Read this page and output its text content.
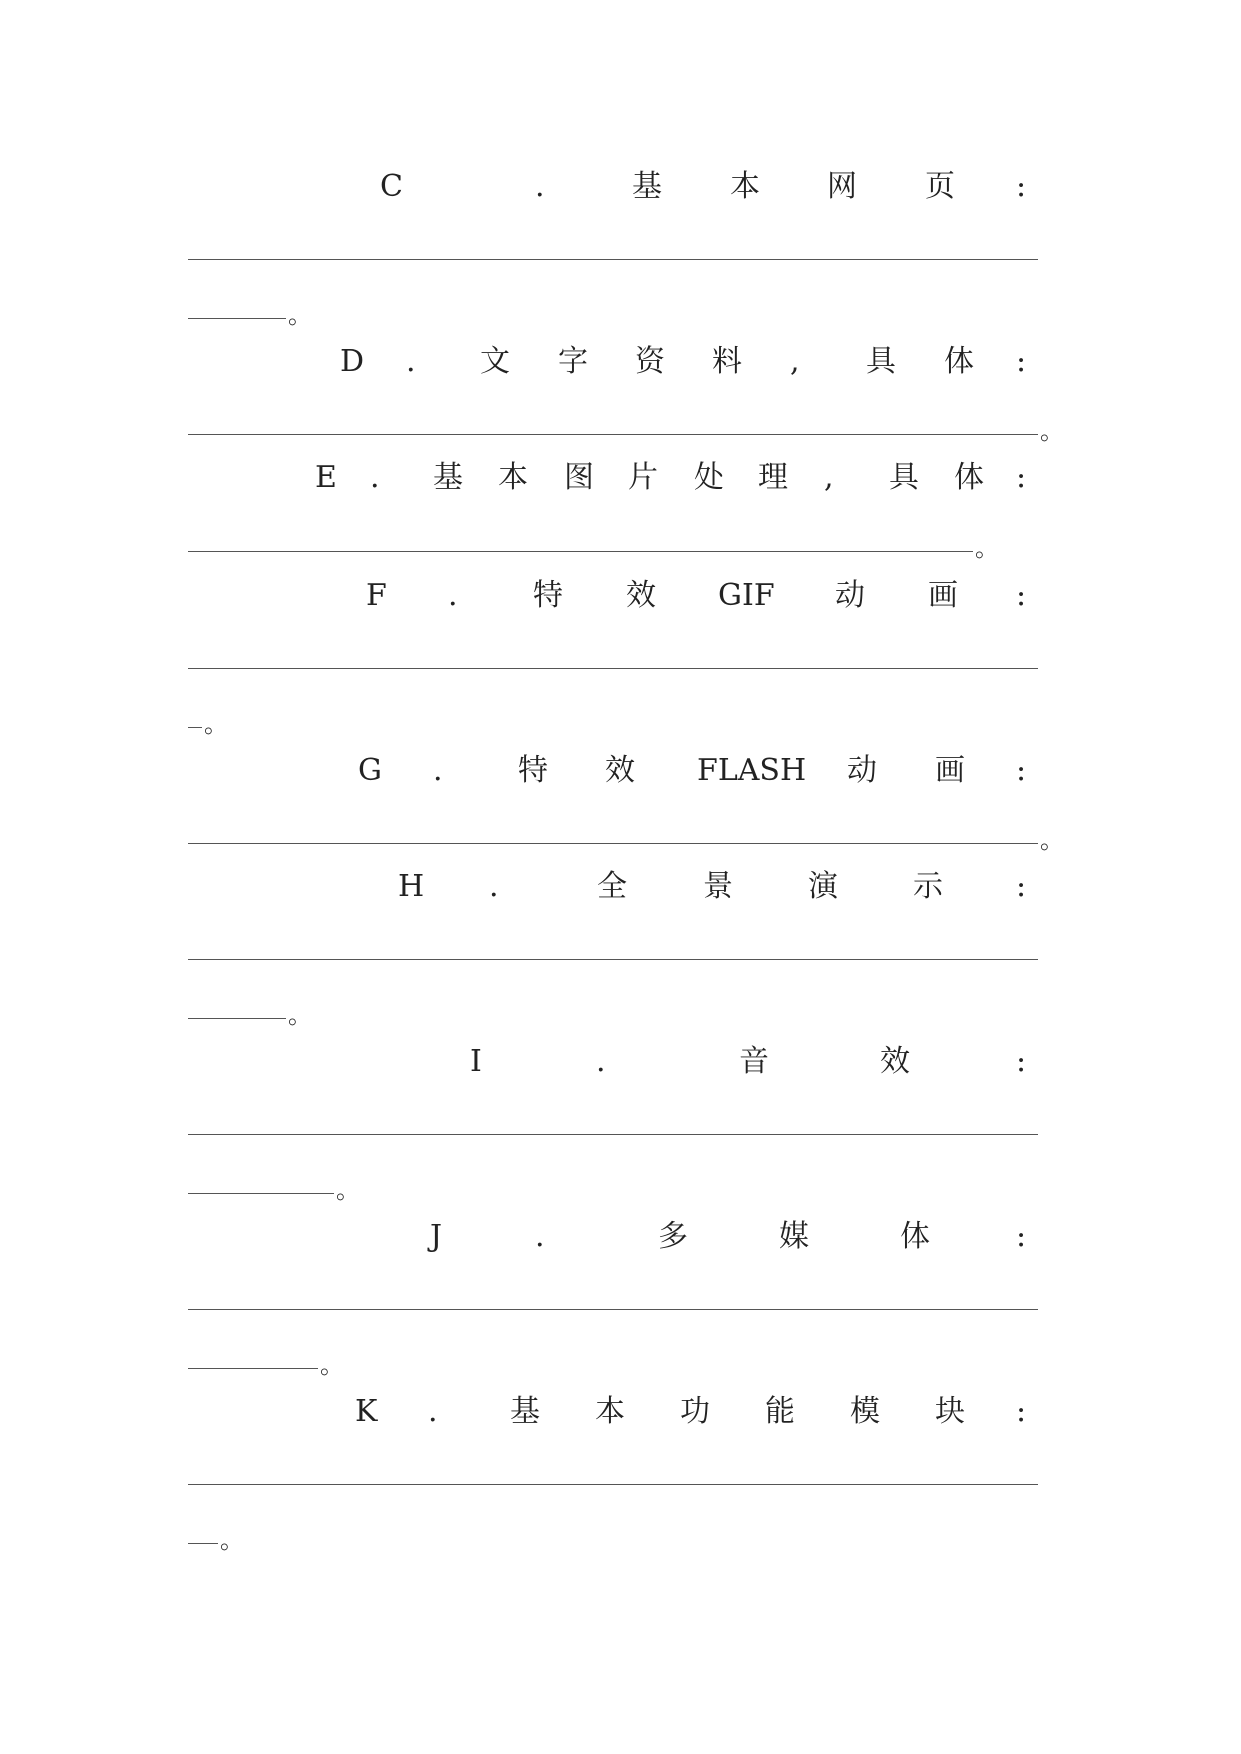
C	.	基 本 网 页 :
。
D . 文 字 资 料 , 具 体 :
。
E . 基 本 图 片 处 理 , 具 体 :
。
F .	特 效 GIF 动 画 :
。
G .	特 效 FLASH 动 画 :
。
H .	全	景	演	示 :
。
I	.	音	效	:
。
J	.	多	媒	体	:
。
K . 基 本 功 能 模 块 :
。
